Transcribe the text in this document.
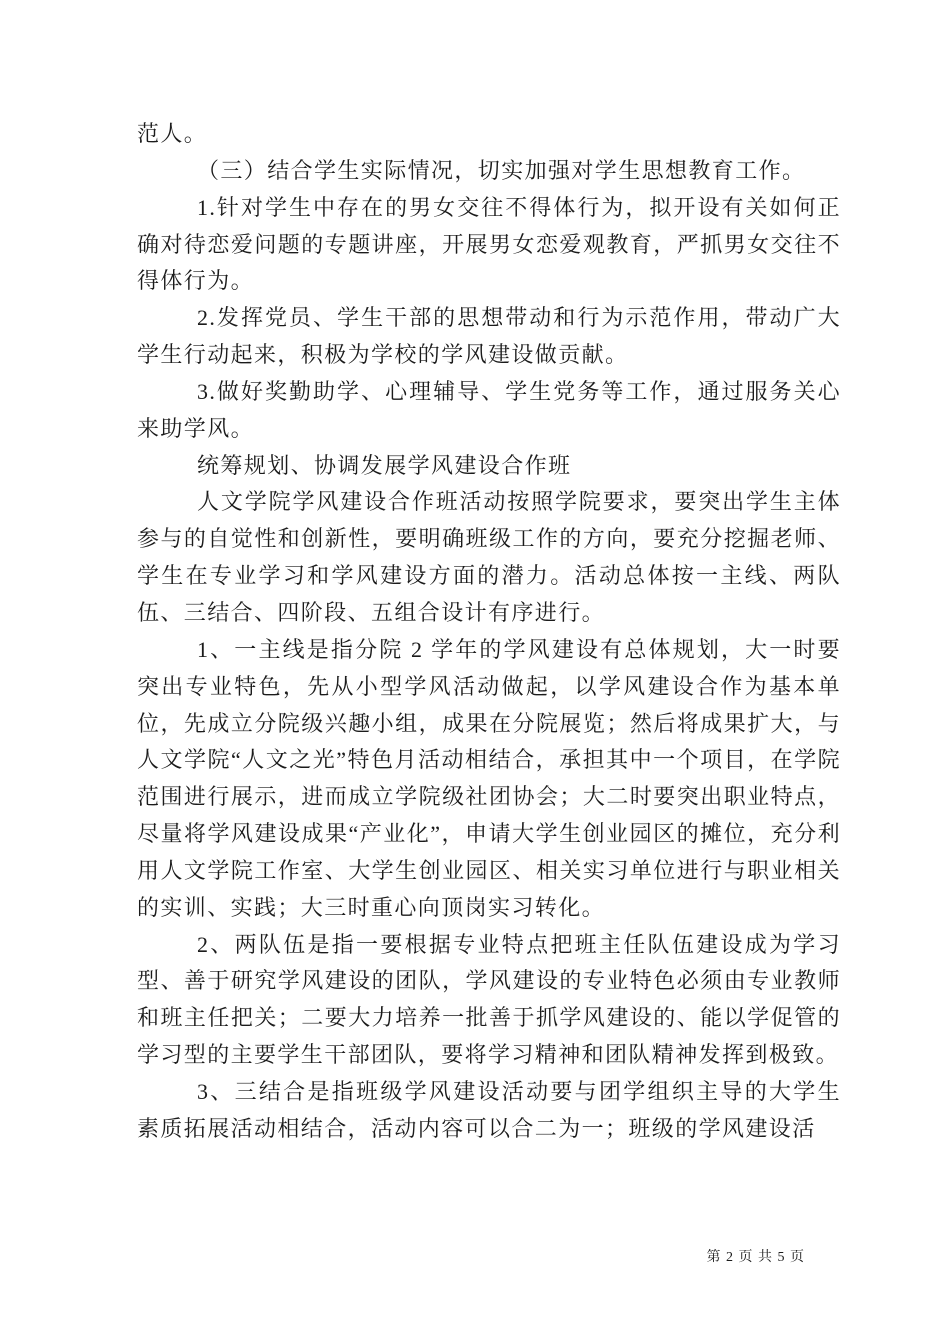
范人。

（三）结合学生实际情况，切实加强对学生思想教育工作。

1.针对学生中存在的男女交往不得体行为，拟开设有关如何正确对待恋爱问题的专题讲座，开展男女恋爱观教育，严抓男女交往不得体行为。

2.发挥党员、学生干部的思想带动和行为示范作用，带动广大学生行动起来，积极为学校的学风建设做贡献。

3.做好奖勤助学、心理辅导、学生党务等工作，通过服务关心来助学风。

统筹规划、协调发展学风建设合作班

人文学院学风建设合作班活动按照学院要求，要突出学生主体参与的自觉性和创新性，要明确班级工作的方向，要充分挖掘老师、学生在专业学习和学风建设方面的潜力。活动总体按一主线、两队伍、三结合、四阶段、五组合设计有序进行。

1、一主线是指分院 2 学年的学风建设有总体规划，大一时要突出专业特色，先从小型学风活动做起，以学风建设合作为基本单位，先成立分院级兴趣小组，成果在分院展览；然后将成果扩大，与人文学院“人文之光”特色月活动相结合，承担其中一个项目，在学院范围进行展示，进而成立学院级社团协会；大二时要突出职业特点，尽量将学风建设成果“产业化”，申请大学生创业园区的摊位，充分利用人文学院工作室、大学生创业园区、相关实习单位进行与职业相关的实训、实践；大三时重心向顶岗实习转化。

2、两队伍是指一要根据专业特点把班主任队伍建设成为学习型、善于研究学风建设的团队，学风建设的专业特色必须由专业教师和班主任把关；二要大力培养一批善于抓学风建设的、能以学促管的学习型的主要学生干部团队，要将学习精神和团队精神发挥到极致。

3、三结合是指班级学风建设活动要与团学组织主导的大学生素质拓展活动相结合，活动内容可以合二为一；班级的学风建设活

第 2 页 共 5 页
